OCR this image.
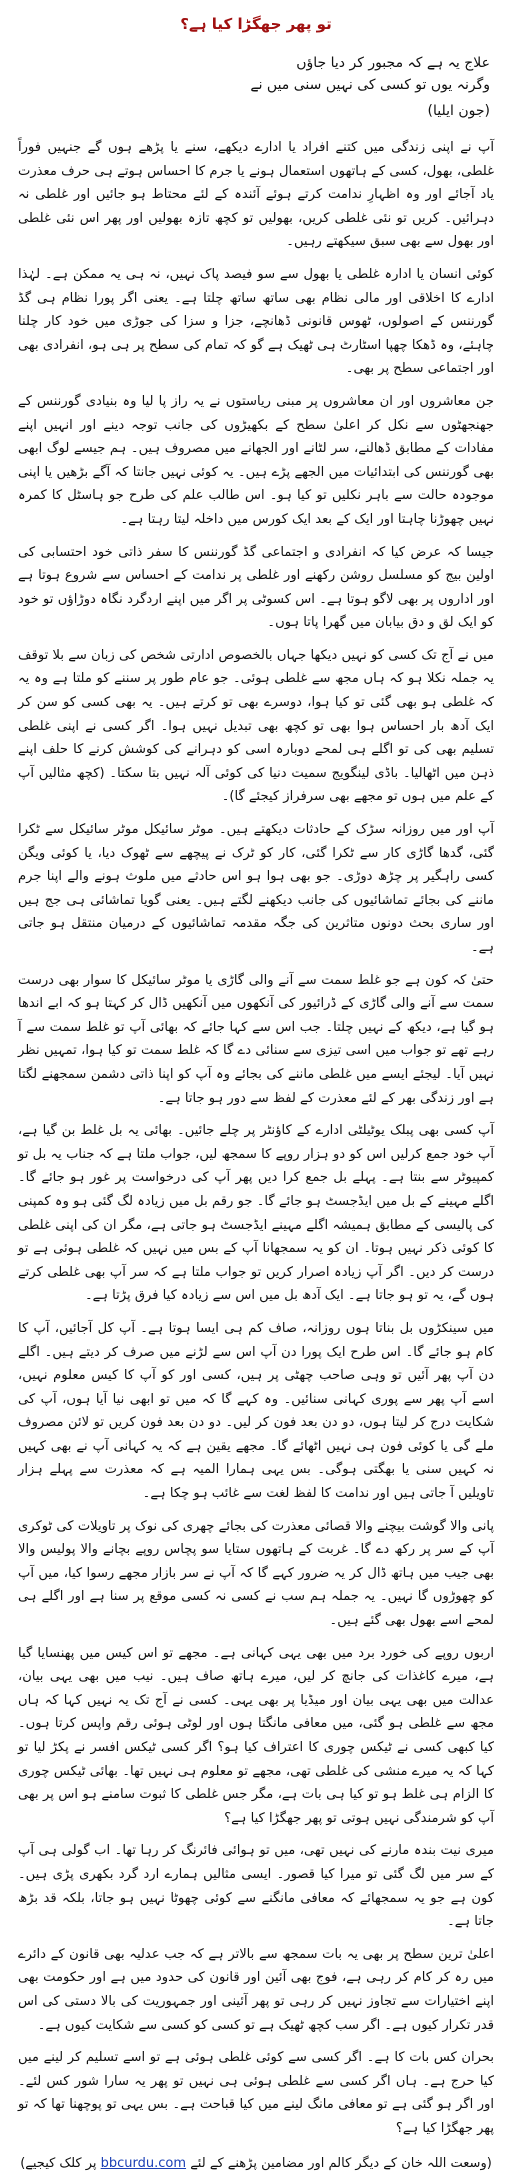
تو پھر جھگڑا کیا ہے؟

علاج یہ ہے کہ مجبور کر دیا جاؤں

وگرنہ یوں تو کسی کی نہیں سنی میں نے

(جون ایلیا)

آپ نے اپنی زندگی میں کتنے افراد یا ادارے دیکھے، سنے یا پڑھے ہوں گے جنہیں فوراً غلطی، بھول، کسی کے ہاتھوں استعمال ہونے یا جرم کا احساس ہوتے ہی حرف معذرت یاد آجائے اور وہ اظہارِ ندامت کرتے ہوئے آئندہ کے لئے محتاط ہو جائیں اور غلطی نہ دہرائیں۔ کریں تو نئی غلطی کریں، بھولیں تو کچھ تازہ بھولیں اور پھر اس نئی غلطی اور بھول سے بھی سبق سیکھتے رہیں۔

کوئی انسان یا ادارہ غلطی یا بھول سے سو فیصد پاک نہیں، نہ ہی یہ ممکن ہے۔ لہٰذا ادارے کا اخلاقی اور مالی نظام بھی ساتھ ساتھ چلتا ہے۔ یعنی اگر پورا نظام ہی گڈ گورننس کے اصولوں، ٹھوس قانونی ڈھانچے، جزا و سزا کی جوڑی میں خود کار چلنا چاہئے، وہ ڈھکا چھپا اسٹارٹ ہی ٹھیک ہے گو کہ تمام کی سطح پر ہی ہو، انفرادی بھی اور اجتماعی سطح پر بھی۔

جن معاشروں اور ان معاشروں پر مبنی ریاستوں نے یہ راز پا لیا وہ بنیادی گورننس کے جھنجھٹوں سے نکل کر اعلیٰ سطح کے بکھیڑوں کی جانب توجہ دینے اور انہیں اپنے مفادات کے مطابق ڈھالنے، سر لٹانے اور الجھانے میں مصروف ہیں۔ ہم جیسے لوگ ابھی بھی گورننس کی ابتدائیات میں الجھے پڑے ہیں۔ یہ کوئی نہیں جانتا کہ آگے بڑھیں یا اپنی موجودہ حالت سے باہر نکلیں تو کیا ہو۔ اس طالب علم کی طرح جو ہاسٹل کا کمرہ نہیں چھوڑنا چاہتا اور ایک کے بعد ایک کورس میں داخلہ لیتا رہتا ہے۔

جیسا کہ عرض کیا کہ انفرادی و اجتماعی گڈ گورننس کا سفر ذاتی خود احتسابی کی اولین بیج کو مسلسل روشن رکھنے اور غلطی پر ندامت کے احساس سے شروع ہوتا ہے اور اداروں پر بھی لاگو ہوتا ہے۔ اس کسوٹی پر اگر میں اپنے اردگرد نگاہ دوڑاؤں تو خود کو ایک لق و دق بیابان میں گھرا پاتا ہوں۔

میں نے آج تک کسی کو نہیں دیکھا جہاں بالخصوص ادارتی شخص کی زبان سے بلا توقف یہ جملہ نکلا ہو کہ ہاں مجھ سے غلطی ہوئی۔ جو عام طور پر سننے کو ملتا ہے وہ یہ کہ غلطی ہو بھی گئی تو کیا ہوا، دوسرے بھی تو کرتے ہیں۔ یہ بھی کسی کو سن کر ایک آدھ بار احساس ہوا بھی تو کچھ بھی تبدیل نہیں ہوا۔ اگر کسی نے اپنی غلطی تسلیم بھی کی تو اگلے ہی لمحے دوبارہ اسی کو دہرانے کی کوشش کرنے کا حلف اپنے ذہن میں اٹھالیا۔ باڈی لینگویج سمیت دنیا کی کوئی آلہ نہیں بتا سکتا۔ (کچھ مثالیں آپ کے علم میں ہوں تو مجھے بھی سرفراز کیجئے گا)۔

آپ اور میں روزانہ سڑک کے حادثات دیکھتے ہیں۔ موٹر سائیکل موٹر سائیکل سے ٹکرا گئی، گدھا گاڑی کار سے ٹکرا گئی، کار کو ٹرک نے پیچھے سے ٹھوک دیا، یا کوئی ویگن کسی راہگیر پر چڑھ دوڑی۔ جو بھی ہوا ہو اس حادثے میں ملوث ہونے والے اپنا جرم ماننے کی بجائے تماشائیوں کی جانب دیکھنے لگتے ہیں۔ یعنی گویا تماشائی ہی جج ہیں اور ساری بحث دونوں متاثرین کی جگہ مقدمہ تماشائیوں کے درمیان منتقل ہو جاتی ہے۔

حتیٰ کہ کون ہے جو غلط سمت سے آنے والی گاڑی یا موٹر سائیکل کا سوار بھی درست سمت سے آنے والی گاڑی کے ڈرائیور کی آنکھوں میں آنکھیں ڈال کر کہتا ہو کہ ابے اندھا ہو گیا ہے، دیکھ کے نہیں چلتا۔ جب اس سے کہا جائے کہ بھائی آپ تو غلط سمت سے آ رہے تھے تو جواب میں اسی تیزی سے سنائی دے گا کہ غلط سمت تو کیا ہوا، تمہیں نظر نہیں آیا۔ لیجئے ایسے میں غلطی ماننے کی بجائے وہ آپ کو اپنا ذاتی دشمن سمجھنے لگتا ہے اور زندگی بھر کے لئے معذرت کے لفظ سے دور ہو جاتا ہے۔

آپ کسی بھی پبلک یوٹیلٹی ادارے کے کاؤنٹر پر چلے جائیں۔ بھائی یہ بل غلط بن گیا ہے، آپ خود جمع کرلیں اس کو دو ہزار روپے کا سمجھ لیں، جواب ملتا ہے کہ جناب یہ بل تو کمپیوٹر سے بنتا ہے۔ پہلے بل جمع کرا دیں پھر آپ کی درخواست پر غور ہو جائے گا۔ اگلے مہینے کے بل میں ایڈجسٹ ہو جائے گا۔ جو رقم بل میں زیادہ لگ گئی ہو وہ کمپنی کی پالیسی کے مطابق ہمیشہ اگلے مہینے ایڈجسٹ ہو جاتی ہے، مگر ان کی اپنی غلطی کا کوئی ذکر نہیں ہوتا۔ ان کو یہ سمجھانا آپ کے بس میں نہیں کہ غلطی ہوئی ہے تو درست کر دیں۔ اگر آپ زیادہ اصرار کریں تو جواب ملتا ہے کہ سر آپ بھی غلطی کرتے ہوں گے، یہ تو ہو جاتا ہے۔ ایک آدھ بل میں اس سے زیادہ کیا فرق پڑتا ہے۔

میں سینکڑوں بل بناتا ہوں روزانہ، صاف کم ہی ایسا ہوتا ہے۔ آپ کل آجائیں، آپ کا کام ہو جائے گا۔ اس طرح ایک پورا دن آپ اس سے لڑنے میں صرف کر دیتے ہیں۔ اگلے دن آپ پھر آئیں تو وہی صاحب چھٹی پر ہیں، کسی اور کو آپ کا کیس معلوم نہیں، اسے آپ پھر سے پوری کہانی سنائیں۔ وہ کہے گا کہ میں تو ابھی نیا آیا ہوں، آپ کی شکایت درج کر لیتا ہوں، دو دن بعد فون کر لیں۔ دو دن بعد فون کریں تو لائن مصروف ملے گی یا کوئی فون ہی نہیں اٹھائے گا۔ مجھے یقین ہے کہ یہ کہانی آپ نے بھی کہیں نہ کہیں سنی یا بھگتی ہوگی۔ بس یہی ہمارا المیہ ہے کہ معذرت سے پہلے ہزار تاویلیں آ جاتی ہیں اور ندامت کا لفظ لغت سے غائب ہو چکا ہے۔

پانی والا گوشت بیچنے والا قصائی معذرت کی بجائے چھری کی نوک پر تاویلات کی ٹوکری آپ کے سر پر رکھ دے گا۔ غربت کے ہاتھوں ستایا سو پچاس روپے بچانے والا پولیس والا بھی جیب میں ہاتھ ڈال کر یہ ضرور کہے گا کہ آپ نے سر بازار مجھے رسوا کیا، میں آپ کو چھوڑوں گا نہیں۔ یہ جملہ ہم سب نے کسی نہ کسی موقع پر سنا ہے اور اگلے ہی لمحے اسے بھول بھی گئے ہیں۔

اربوں روپے کی خورد برد میں بھی یہی کہانی ہے۔ مجھے تو اس کیس میں پھنسایا گیا ہے، میرے کاغذات کی جانچ کر لیں، میرے ہاتھ صاف ہیں۔ نیب میں بھی یہی بیان، عدالت میں بھی یہی بیان اور میڈیا پر بھی یہی۔ کسی نے آج تک یہ نہیں کہا کہ ہاں مجھ سے غلطی ہو گئی، میں معافی مانگتا ہوں اور لوٹی ہوئی رقم واپس کرتا ہوں۔ کیا کبھی کسی نے ٹیکس چوری کا اعتراف کیا ہو؟ اگر کسی ٹیکس افسر نے پکڑ لیا تو کہا کہ یہ میرے منشی کی غلطی تھی، مجھے تو معلوم ہی نہیں تھا۔ بھائی ٹیکس چوری کا الزام ہی غلط ہو تو کیا ہی بات ہے، مگر جس غلطی کا ثبوت سامنے ہو اس پر بھی آپ کو شرمندگی نہیں ہوتی تو پھر جھگڑا کیا ہے؟

میری نیت بندہ مارنے کی نہیں تھی، میں تو ہوائی فائرنگ کر رہا تھا۔ اب گولی ہی آپ کے سر میں لگ گئی تو میرا کیا قصور۔ ایسی مثالیں ہمارے ارد گرد بکھری پڑی ہیں۔ کون ہے جو یہ سمجھائے کہ معافی مانگنے سے کوئی چھوٹا نہیں ہو جاتا، بلکہ قد بڑھ جاتا ہے۔

اعلیٰ ترین سطح پر بھی یہ بات سمجھ سے بالاتر ہے کہ جب عدلیہ بھی قانون کے دائرے میں رہ کر کام کر رہی ہے، فوج بھی آئین اور قانون کی حدود میں ہے اور حکومت بھی اپنے اختیارات سے تجاوز نہیں کر رہی تو پھر آئینی اور جمہوریت کی بالا دستی کی اس قدر تکرار کیوں ہے۔ اگر سب کچھ ٹھیک ہے تو کسی کو کسی سے شکایت کیوں ہے۔

بحران کس بات کا ہے۔ اگر کسی سے کوئی غلطی ہوئی ہے تو اسے تسلیم کر لینے میں کیا حرج ہے۔ ہاں اگر کسی سے غلطی ہوئی ہی نہیں تو پھر یہ سارا شور کس لئے۔ اور اگر ہو گئی ہے تو معافی مانگ لینے میں کیا قباحت ہے۔ بس یہی تو پوچھنا تھا کہ تو پھر جھگڑا کیا ہے؟

(وسعت اللہ خان کے دیگر کالم اور مضامین پڑھنے کے لئے bbcurdu.com پر کلک کیجیے)
